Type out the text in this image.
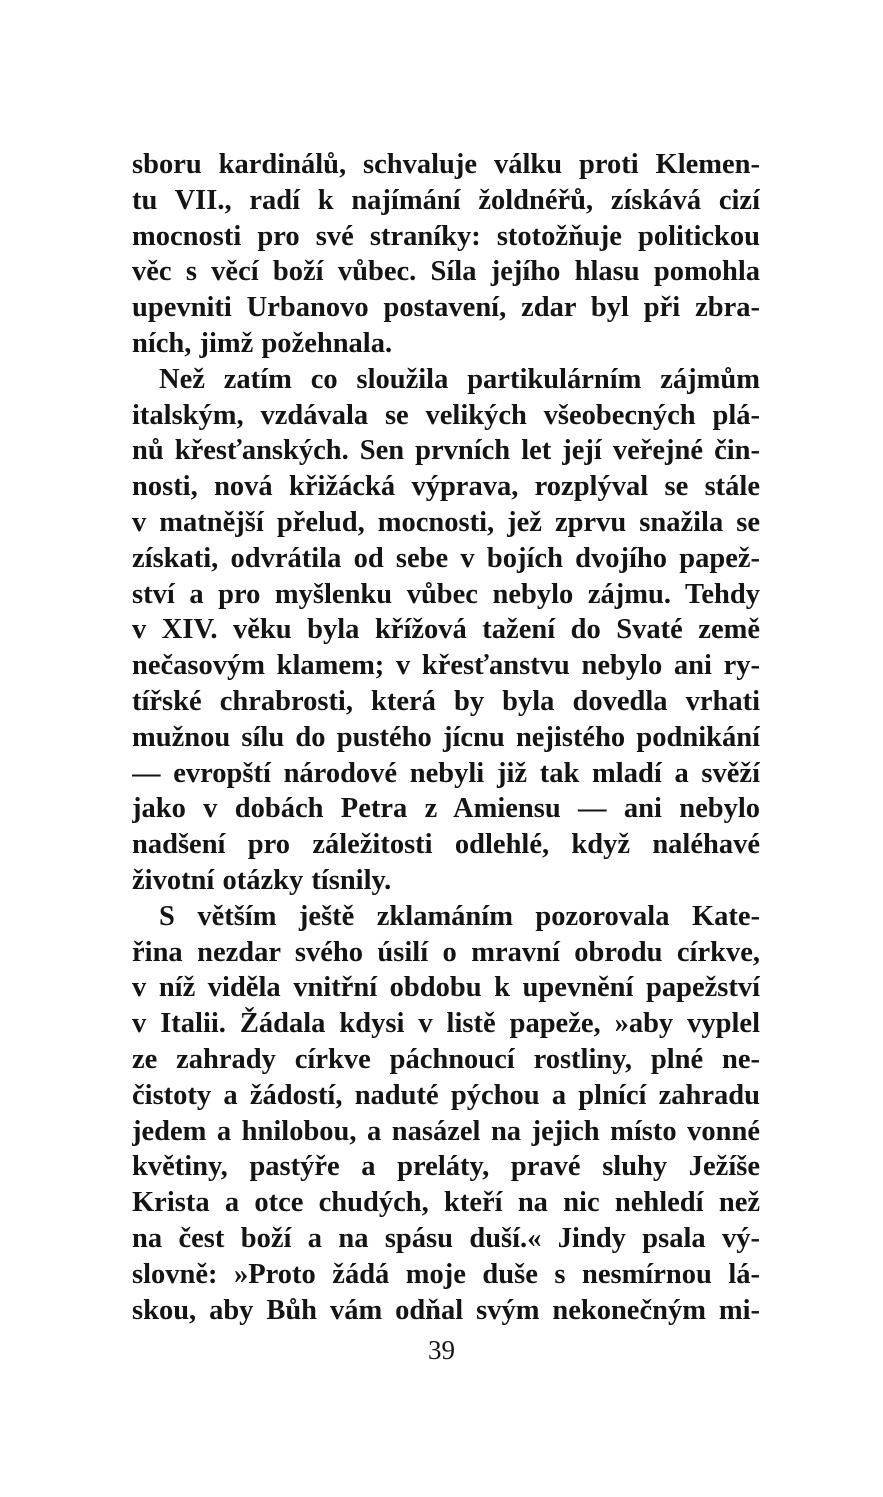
sboru kardinálů, schvaluje válku proti Klemen-
tu VII., radí k najímání žoldnéřů, získává cizí
mocnosti pro své straníky: stotožňuje politickou
věc s věcí boží vůbec. Síla jejího hlasu pomohla
upevniti Urbanovo postavení, zdar byl při zbra-
ních, jimž požehnala.
Než zatím co sloužila partikulárním zájmům
italským, vzdávala se velikých všeobecných plá-
nů křesťanských. Sen prvních let její veřejné čin-
nosti, nová křižácká výprava, rozplýval se stále
v matnější přelud, mocnosti, jež zprvu snažila se
získati, odvrátila od sebe v bojích dvojího papež-
ství a pro myšlenku vůbec nebylo zájmu. Tehdy
v XIV. věku byla křížová tažení do Svaté země
nečasovým klamem; v křesťanstvu nebylo ani ry-
tířské chrabrosti, která by byla dovedla vrhati
mužnou sílu do pustého jícnu nejistého podnikání
— evropští národové nebyli již tak mladí a svěží
jako v dobách Petra z Amiensu — ani nebylo
nadšení pro záležitosti odlehlé, když naléhavé
životní otázky tísnily.
S větším ještě zklamáním pozorovala Kate-
řina nezdar svého úsilí o mravní obrodu církve,
v níž viděla vnitřní obdobu k upevnění papežství
v Italii. Žádala kdysi v listě papeže, »aby vyplel
ze zahrady církve páchnoucí rostliny, plné ne-
čistoty a žádostí, naduté pýchou a plnící zahradu
jedem a hnilobou, a nasázel na jejich místo vonné
květiny, pastýře a preláty, pravé sluhy Ježíše
Krista a otce chudých, kteří na nic nehledí než
na čest boží a na spásu duší.« Jindy psala vý-
slovně: »Proto žádá moje duše s nesmírnou lá-
skou, aby Bůh vám odňal svým nekonečným mi-
39
